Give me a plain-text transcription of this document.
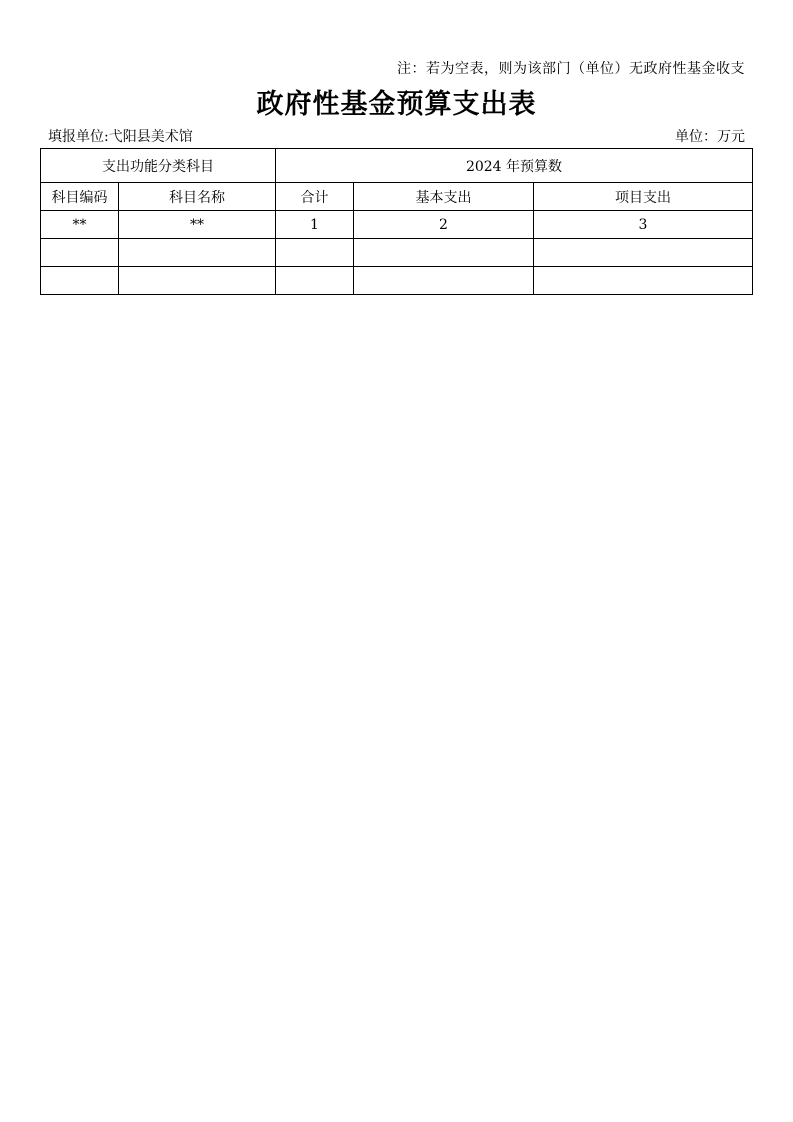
注：若为空表，则为该部门（单位）无政府性基金收支
政府性基金预算支出表
填报单位:弋阳县美术馆	单位：万元
支出功能分类科目		2024 年预算数		
科目编码	科目名称	合计	基本支出	项目支出
**	**	1	2	3
